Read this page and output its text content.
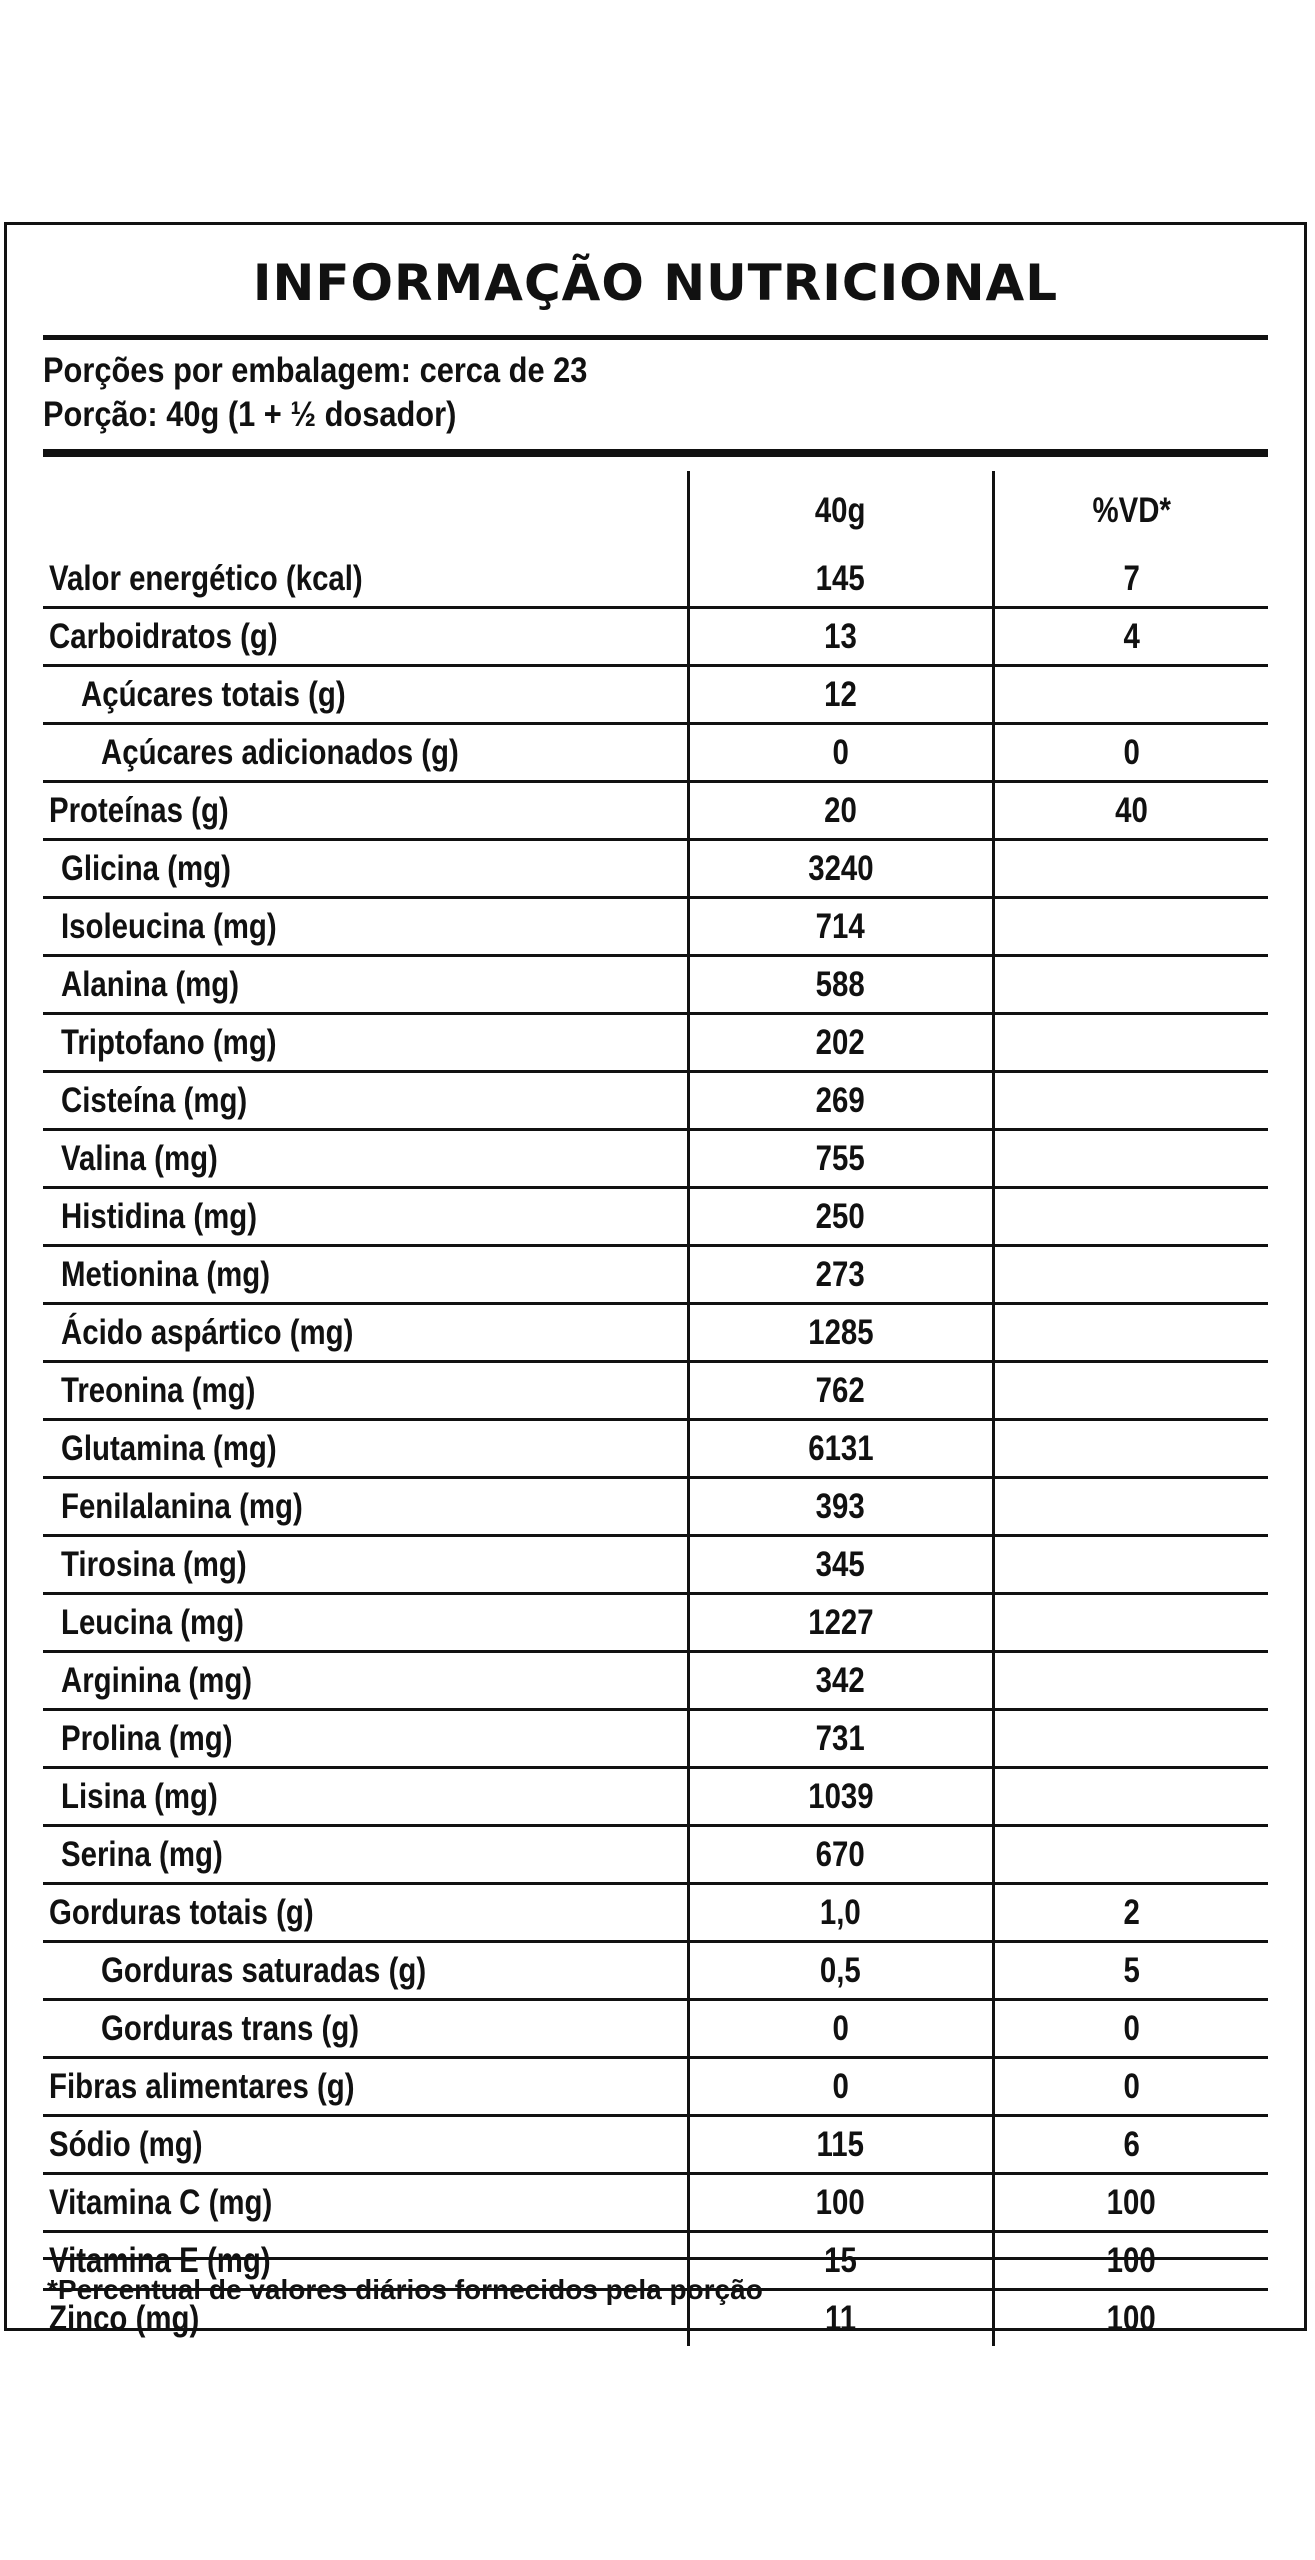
INFORMAÇÃO NUTRICIONAL
Porções por embalagem: cerca de 23
Porção: 40g (1 + ½ dosador)
	40g	%VD*
Valor energético (kcal)	145	7
Carboidratos (g)	13	4
Açúcares totais (g)	12	
Açúcares adicionados (g)	0	0
Proteínas (g)	20	40
Glicina (mg)	3240	
Isoleucina (mg)	714	
Alanina (mg)	588	
Triptofano (mg)	202	
Cisteína (mg)	269	
Valina (mg)	755	
Histidina (mg)	250	
Metionina (mg)	273	
Ácido aspártico (mg)	1285	
Treonina (mg)	762	
Glutamina (mg)	6131	
Fenilalanina (mg)	393	
Tirosina (mg)	345	
Leucina (mg)	1227	
Arginina (mg)	342	
Prolina (mg)	731	
Lisina (mg)	1039	
Serina (mg)	670	
Gorduras totais (g)	1,0	2
Gorduras saturadas (g)	0,5	5
Gorduras trans (g)	0	0
Fibras alimentares (g)	0	0
Sódio (mg)	115	6
Vitamina C (mg)	100	100
Vitamina E (mg)	15	100
Zinco (mg)	11	100
*Percentual de valores diários fornecidos pela porção
